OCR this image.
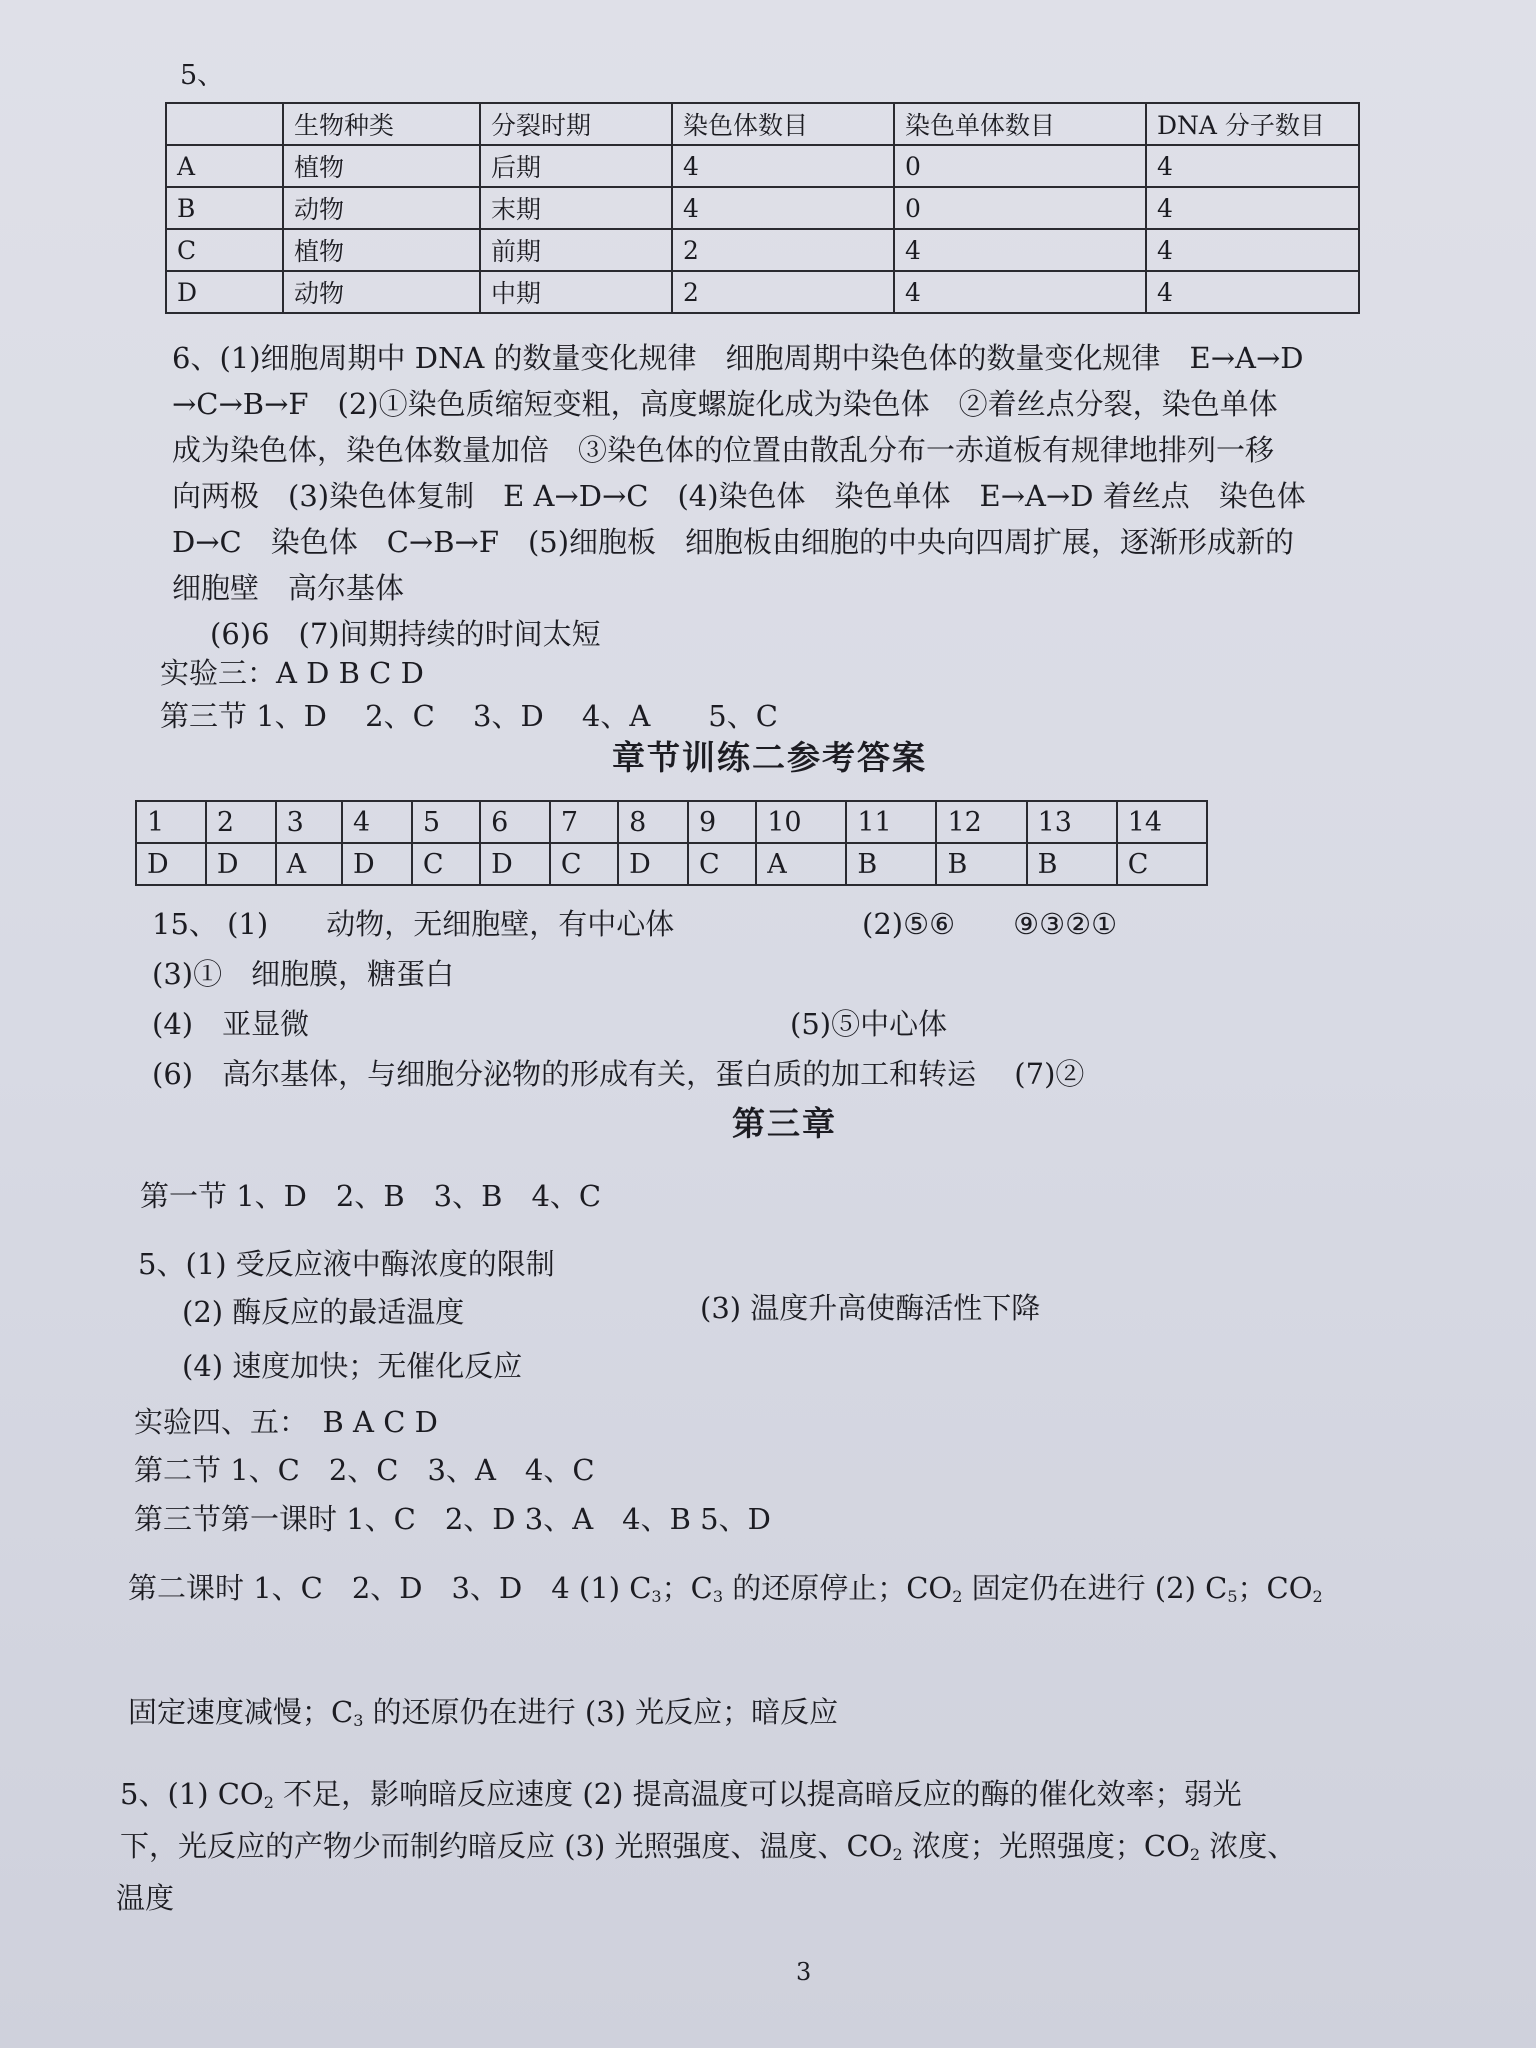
5、
	生物种类	分裂时期	染色体数目	染色单体数目	DNA 分子数目
A	植物	后期	4	0	4
B	动物	末期	4	0	4
C	植物	前期	2	4	4
D	动物	中期	2	4	4
6、(1)细胞周期中 DNA 的数量变化规律　细胞周期中染色体的数量变化规律　E→A→D
→C→B→F　(2)①染色质缩短变粗，高度螺旋化成为染色体　②着丝点分裂，染色单体
成为染色体，染色体数量加倍　③染色体的位置由散乱分布一赤道板有规律地排列一移
向两极　(3)染色体复制　E A→D→C　(4)染色体　染色单体　E→A→D 着丝点　染色体
D→C　染色体　C→B→F　(5)细胞板　细胞板由细胞的中央向四周扩展，逐渐形成新的
细胞壁　高尔基体
(6)6　(7)间期持续的时间太短
实验三：A D B C D
第三节 1、D　 2、C　 3、D　 4、A　　5、C
章节训练二参考答案
1	2	3	4	5	6	7	8	9	10	11	12	13	14
D	D	A	D	C	D	C	D	C	A	B	B	B	C
15、 (1)　　动物，无细胞壁，有中心体	(2)⑤⑥　　⑨③②①
(3)①　细胞膜，糖蛋白
(4)　亚显微	(5)⑤中心体
(6)　高尔基体，与细胞分泌物的形成有关，蛋白质的加工和转运　 (7)②
第三章
第一节 1、D　2、B　3、B　4、C
5、(1) 受反应液中酶浓度的限制
(2) 酶反应的最适温度	(3) 温度升高使酶活性下降
(4) 速度加快；无催化反应
实验四、五：　B A C D
第二节 1、C　2、C　3、A　4、C
第三节第一课时 1、C　2、D 3、A　4、B 5、D
第二课时 1、C　2、D　3、D　4 (1) $C_3$；$C_3$ 的还原停止；$CO_2$ 固定仍在进行 (2) $C_5$；$CO_2$
固定速度减慢；$C_3$ 的还原仍在进行 (3) 光反应；暗反应
5、(1) $CO_2$ 不足，影响暗反应速度 (2) 提高温度可以提高暗反应的酶的催化效率；弱光
下，光反应的产物少而制约暗反应 (3) 光照强度、温度、$CO_2$ 浓度；光照强度；$CO_2$ 浓度、
温度
3
